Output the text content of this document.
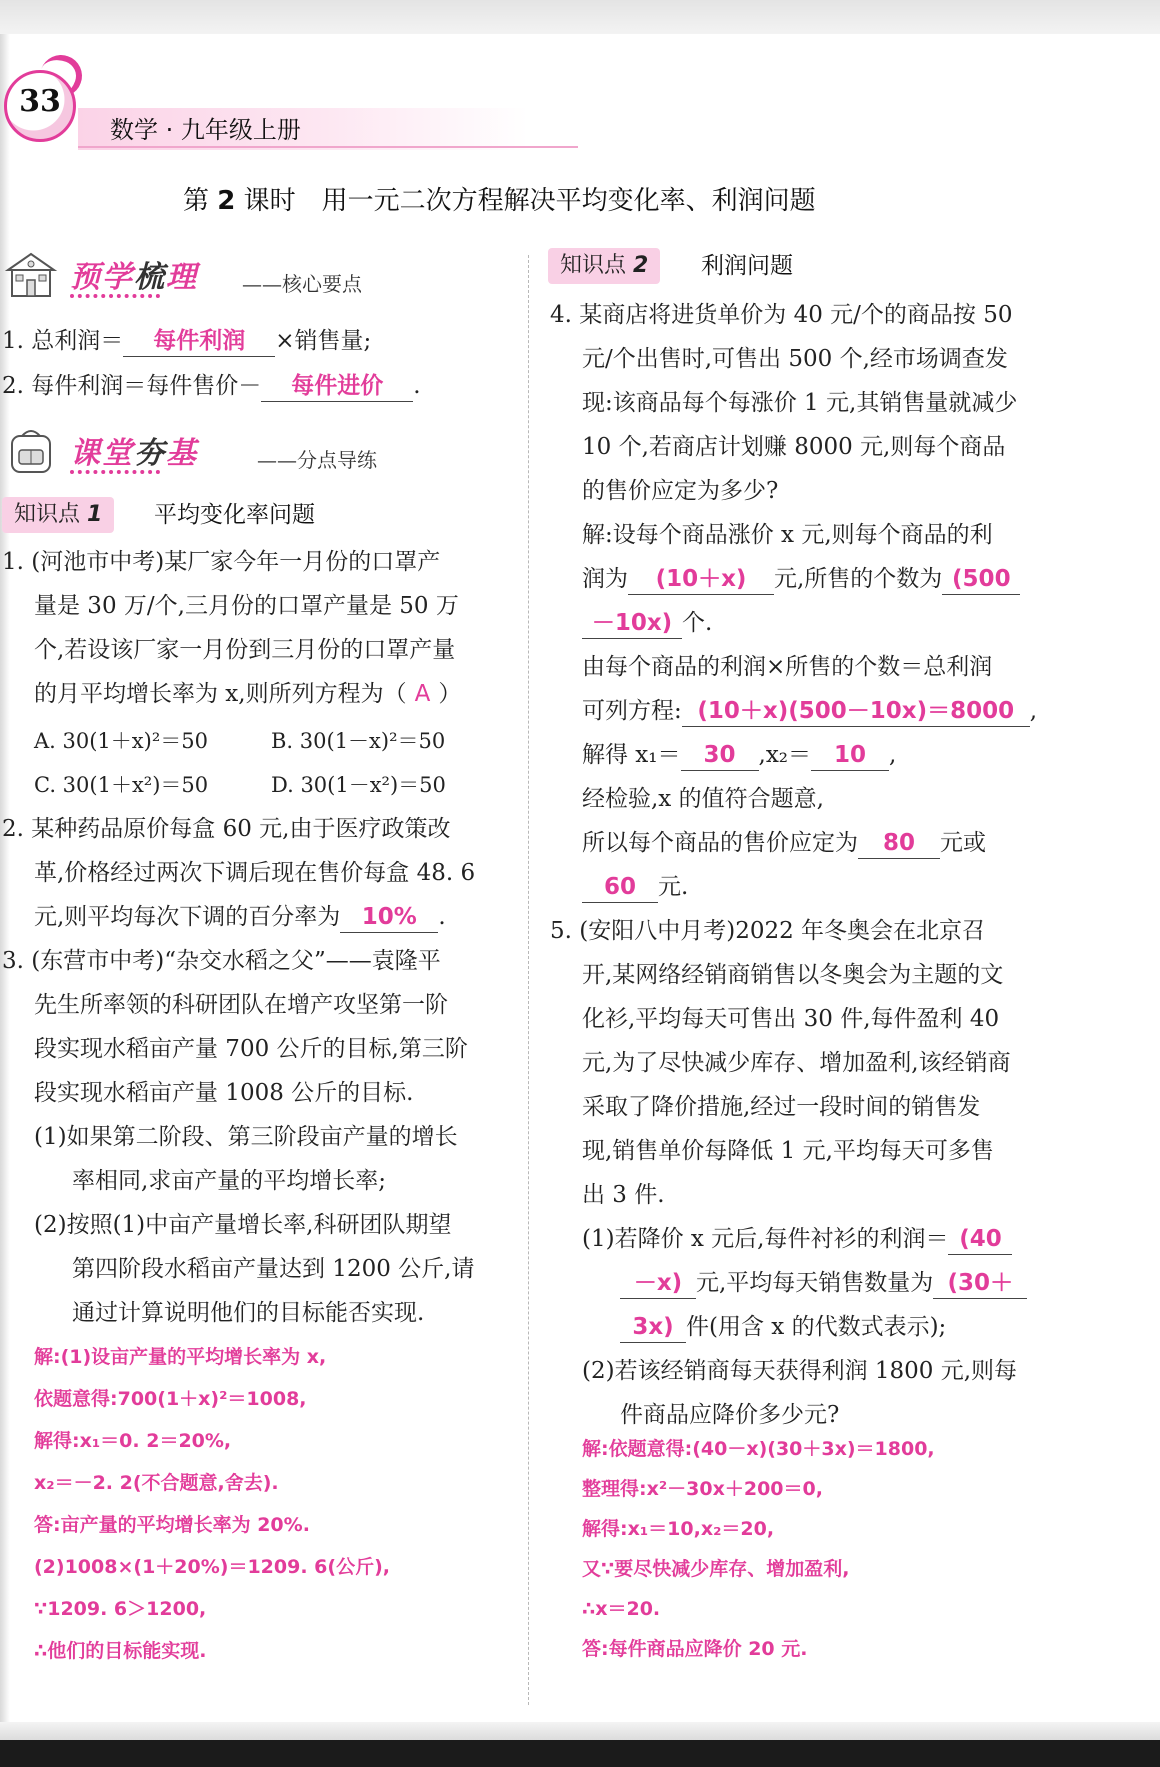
33
数学 · 九年级上册
第 2 课时　用一元二次方程解决平均变化率、利润问题
预学梳理 ——核心要点
1. 总利润＝ 每件利润 ×销售量;
2. 每件利润＝每件售价－ 每件进价 .
课堂夯基	——分点导练
知识点 1	平均变化率问题
1. (河池市中考)某厂家今年一月份的口罩产
量是 30 万/个,三月份的口罩产量是 50 万
个,若设该厂家一月份到三月份的口罩产量
的月平均增长率为 x,则所列方程为（ A ）
A. 30(1＋x)²＝50	B. 30(1－x)²＝50
C. 30(1＋x²)＝50	D. 30(1－x²)＝50
2. 某种药品原价每盒 60 元,由于医疗政策改
革,价格经过两次下调后现在售价每盒 48. 6
元,则平均每次下调的百分率为 10% .
3. (东营市中考)“杂交水稻之父”——袁隆平
先生所率领的科研团队在增产攻坚第一阶
段实现水稻亩产量 700 公斤的目标,第三阶
段实现水稻亩产量 1008 公斤的目标.
(1)如果第二阶段、第三阶段亩产量的增长
率相同,求亩产量的平均增长率;
(2)按照(1)中亩产量增长率,科研团队期望
第四阶段水稻亩产量达到 1200 公斤,请
通过计算说明他们的目标能否实现.
解:(1)设亩产量的平均增长率为 x,
依题意得:700(1＋x)²＝1008,
解得:x₁＝0. 2＝20%,
x₂＝－2. 2(不合题意,舍去).
答:亩产量的平均增长率为 20%.
(2)1008×(1＋20%)＝1209. 6(公斤),
∵1209. 6＞1200,
∴他们的目标能实现.
知识点 2	利润问题
4. 某商店将进货单价为 40 元/个的商品按 50
元/个出售时,可售出 500 个,经市场调查发
现:该商品每个每涨价 1 元,其销售量就减少
10 个,若商店计划赚 8000 元,则每个商品
的售价应定为多少?
解:设每个商品涨价 x 元,则每个商品的利
润为 (10＋x) 元,所售的个数为 (500
－10x) 个.
由每个商品的利润×所售的个数＝总利润
可列方程: (10＋x)(500－10x)＝8000 ,
解得 x₁＝ 30 ,x₂＝ 10 ,
经检验,x 的值符合题意,
所以每个商品的售价应定为 80 元或
60 元.
5. (安阳八中月考)2022 年冬奥会在北京召
开,某网络经销商销售以冬奥会为主题的文
化衫,平均每天可售出 30 件,每件盈利 40
元,为了尽快减少库存、增加盈利,该经销商
采取了降价措施,经过一段时间的销售发
现,销售单价每降低 1 元,平均每天可多售
出 3 件.
(1)若降价 x 元后,每件衬衫的利润＝ (40
－x) 元,平均每天销售数量为 (30＋
3x) 件(用含 x 的代数式表示);
(2)若该经销商每天获得利润 1800 元,则每
件商品应降价多少元?
解:依题意得:(40－x)(30＋3x)＝1800,
整理得:x²－30x＋200＝0,
解得:x₁＝10,x₂＝20,
又∵要尽快减少库存、增加盈利,
∴x＝20.
答:每件商品应降价 20 元.
